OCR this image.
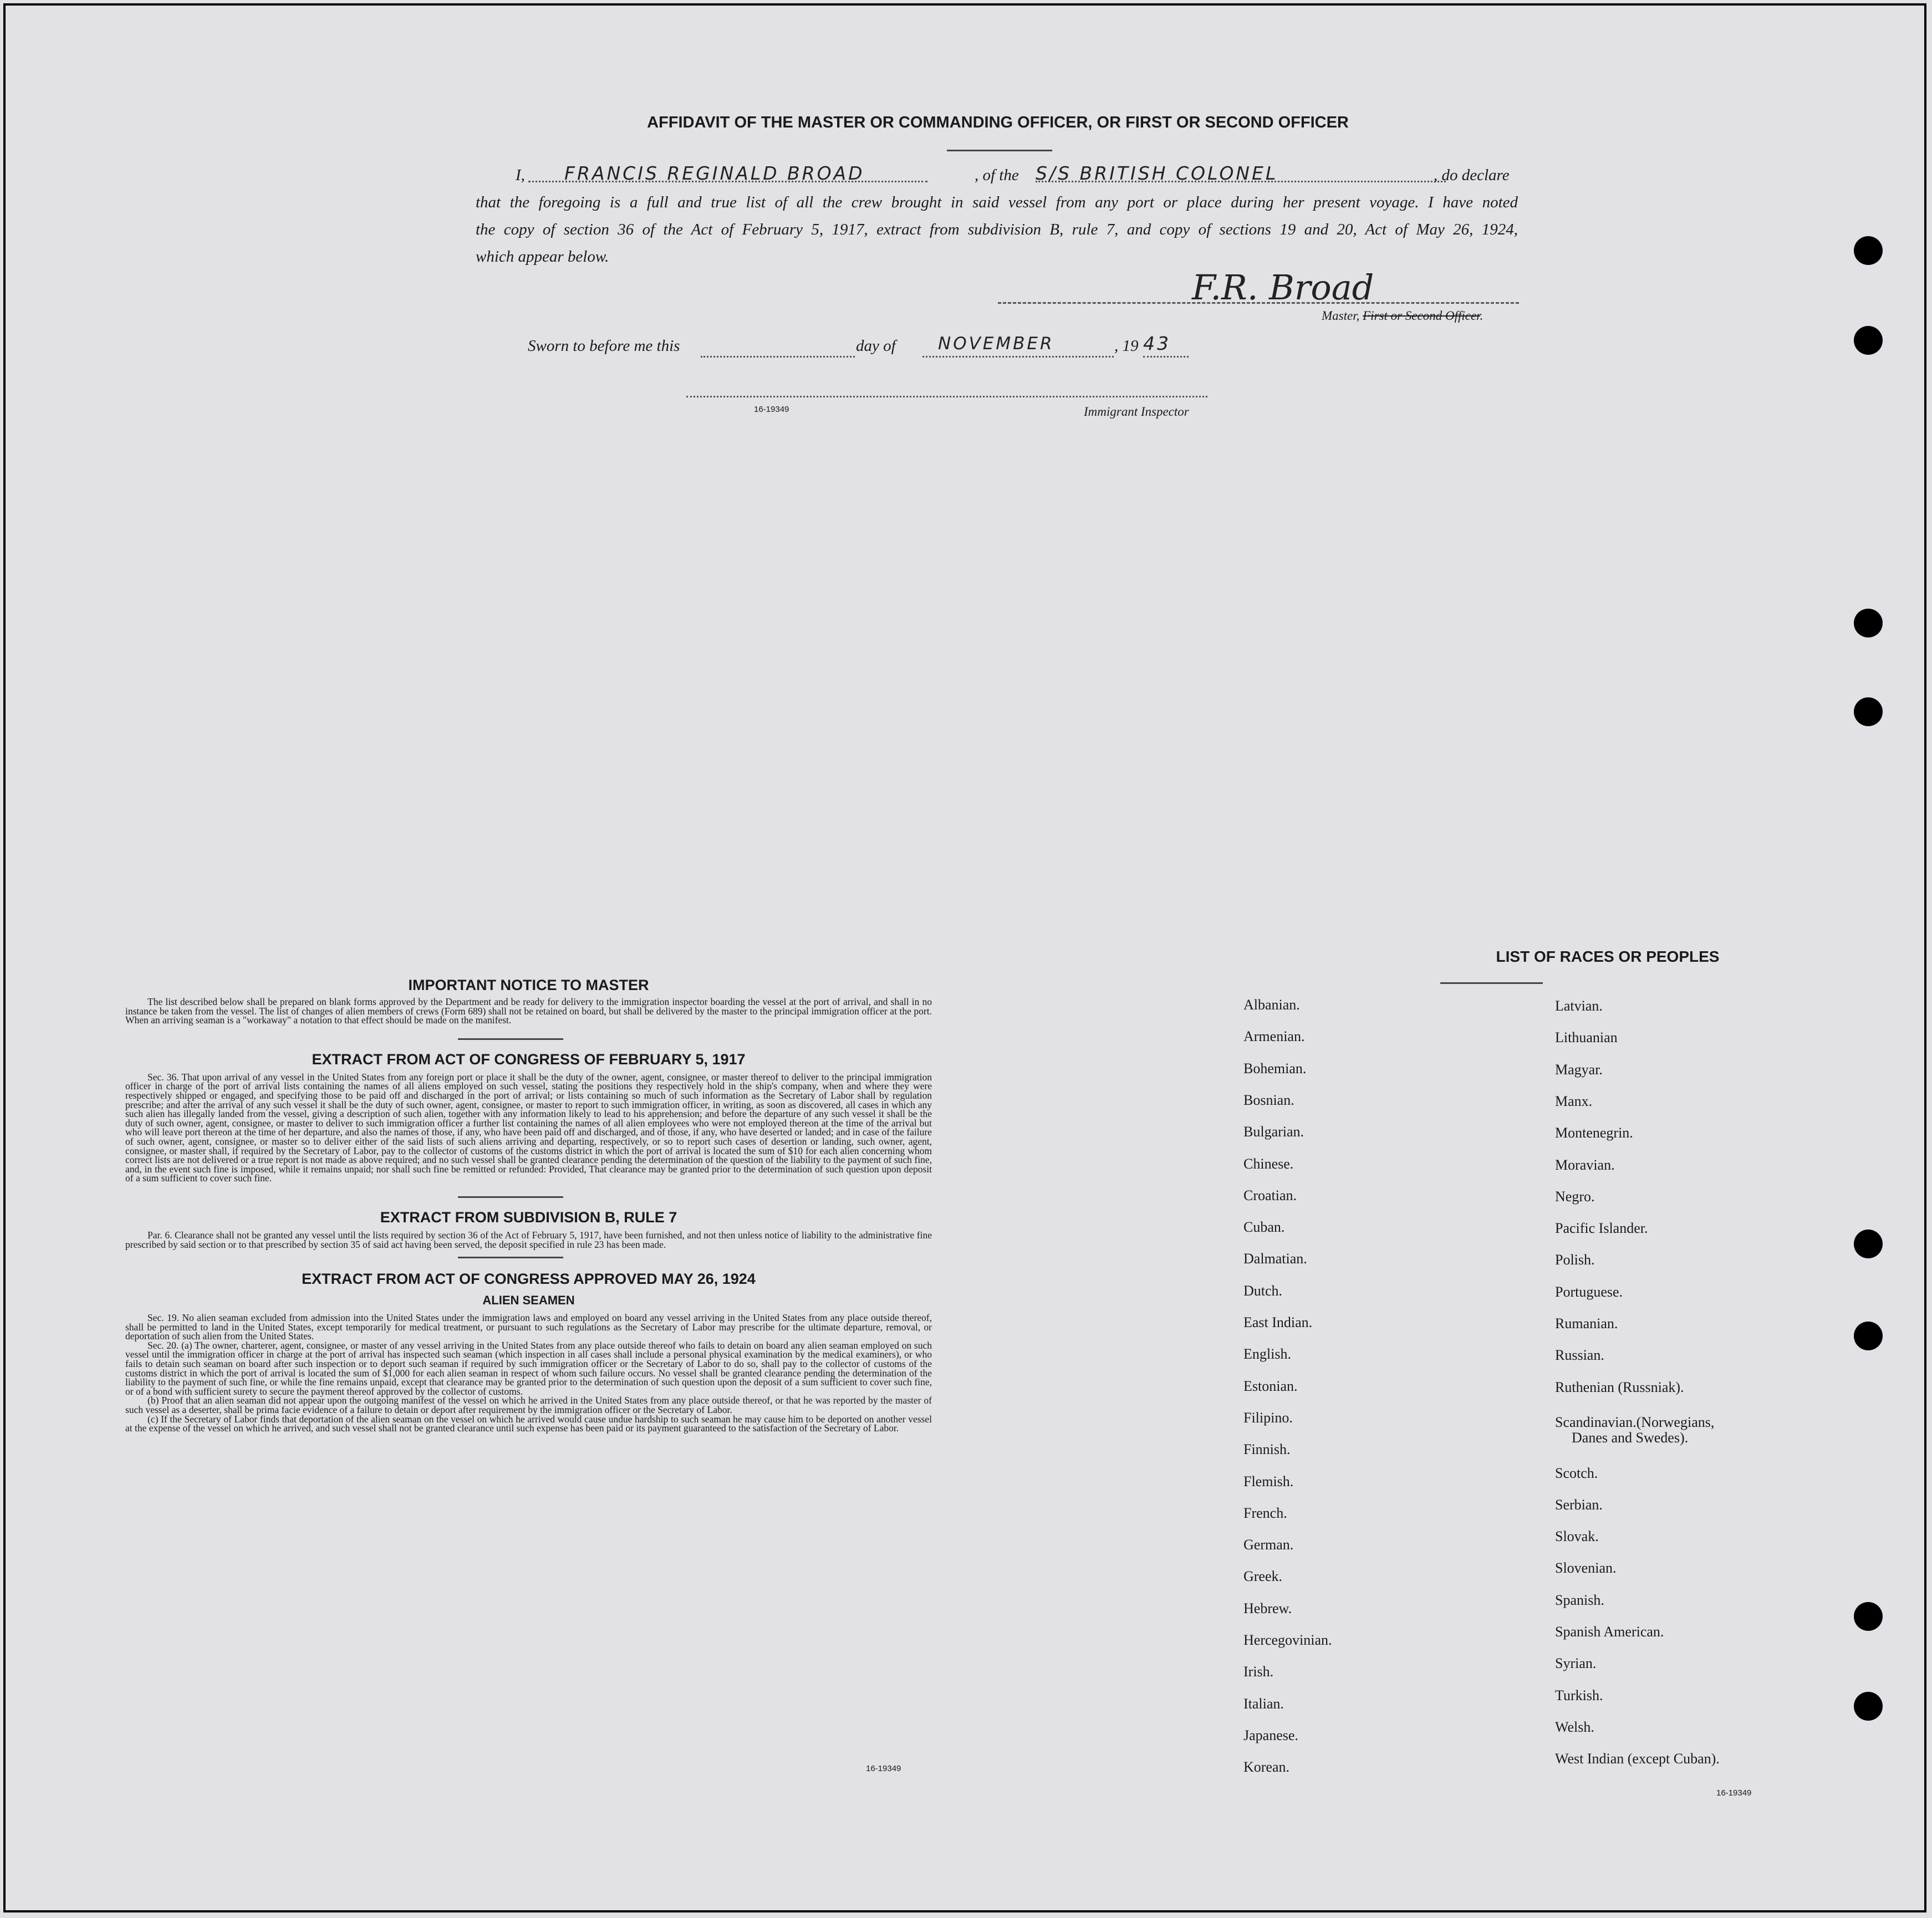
AFFIDAVIT OF THE MASTER OR COMMANDING OFFICER, OR FIRST OR SECOND OFFICER
I, FRANCIS REGINALD BROAD	, of the S/S BRITISH COLONEL	, do declare

that the foregoing is a full and true list of all the crew brought in said vessel from any port or place during her present voyage. I have noted

the copy of section 36 of the Act of February 5, 1917, extract from subdivision B, rule 7, and copy of sections 19 and 20, Act of May 26, 1924,

which appear below.

F.R. Broad
Master, First or Second Officer.
Sworn to before me this	day of NOVEMBER	, 19 43
16-19349	Immigrant Inspector
IMPORTANT NOTICE TO MASTER

The list described below shall be prepared on blank forms approved by the Department and be ready for delivery to the immigration inspector boarding the vessel at the port of arrival, and shall in no instance be taken from the vessel. The list of changes of alien members of crews (Form 689) shall not be retained on board, but shall be delivered by the master to the principal immigration officer at the port. When an arriving seaman is a "workaway" a notation to that effect should be made on the manifest.

EXTRACT FROM ACT OF CONGRESS OF FEBRUARY 5, 1917

Sec. 36. That upon arrival of any vessel in the United States from any foreign port or place it shall be the duty of the owner, agent, consignee, or master thereof to deliver to the principal immigration officer in charge of the port of arrival lists containing the names of all aliens employed on such vessel, stating the positions they respectively hold in the ship's company, when and where they were respectively shipped or engaged, and specifying those to be paid off and discharged in the port of arrival; or lists containing so much of such information as the Secretary of Labor shall by regulation prescribe; and after the arrival of any such vessel it shall be the duty of such owner, agent, consignee, or master to report to such immigration officer, in writing, as soon as discovered, all cases in which any such alien has illegally landed from the vessel, giving a description of such alien, together with any information likely to lead to his apprehension; and before the departure of any such vessel it shall be the duty of such owner, agent, consignee, or master to deliver to such immigration officer a further list containing the names of all alien employees who were not employed thereon at the time of the arrival but who will leave port thereon at the time of her departure, and also the names of those, if any, who have been paid off and discharged, and of those, if any, who have deserted or landed; and in case of the failure of such owner, agent, consignee, or master so to deliver either of the said lists of such aliens arriving and departing, respectively, or so to report such cases of desertion or landing, such owner, agent, consignee, or master shall, if required by the Secretary of Labor, pay to the collector of customs of the customs district in which the port of arrival is located the sum of $10 for each alien concerning whom correct lists are not delivered or a true report is not made as above required; and no such vessel shall be granted clearance pending the determination of the question of the liability to the payment of such fine, and, in the event such fine is imposed, while it remains unpaid; nor shall such fine be remitted or refunded: Provided, That clearance may be granted prior to the determination of such question upon deposit of a sum sufficient to cover such fine.

EXTRACT FROM SUBDIVISION B, RULE 7

Par. 6. Clearance shall not be granted any vessel until the lists required by section 36 of the Act of February 5, 1917, have been furnished, and not then unless notice of liability to the administrative fine prescribed by said section or to that prescribed by section 35 of said act having been served, the deposit specified in rule 23 has been made.

EXTRACT FROM ACT OF CONGRESS APPROVED MAY 26, 1924
ALIEN SEAMEN

Sec. 19. No alien seaman excluded from admission into the United States under the immigration laws and employed on board any vessel arriving in the United States from any place outside thereof, shall be permitted to land in the United States, except temporarily for medical treatment, or pursuant to such regulations as the Secretary of Labor may prescribe for the ultimate departure, removal, or deportation of such alien from the United States.

Sec. 20. (a) The owner, charterer, agent, consignee, or master of any vessel arriving in the United States from any place outside thereof who fails to detain on board any alien seaman employed on such vessel until the immigration officer in charge at the port of arrival has inspected such seaman (which inspection in all cases shall include a personal physical examination by the medical examiners), or who fails to detain such seaman on board after such inspection or to deport such seaman if required by such immigration officer or the Secretary of Labor to do so, shall pay to the collector of customs of the customs district in which the port of arrival is located the sum of $1,000 for each alien seaman in respect of whom such failure occurs. No vessel shall be granted clearance pending the determination of the liability to the payment of such fine, or while the fine remains unpaid, except that clearance may be granted prior to the determination of such question upon the deposit of a sum sufficient to cover such fine, or of a bond with sufficient surety to secure the payment thereof approved by the collector of customs.

(b) Proof that an alien seaman did not appear upon the outgoing manifest of the vessel on which he arrived in the United States from any place outside thereof, or that he was reported by the master of such vessel as a deserter, shall be prima facie evidence of a failure to detain or deport after requirement by the immigration officer or the Secretary of Labor.

(c) If the Secretary of Labor finds that deportation of the alien seaman on the vessel on which he arrived would cause undue hardship to such seaman he may cause him to be deported on another vessel at the expense of the vessel on which he arrived, and such vessel shall not be granted clearance until such expense has been paid or its payment guaranteed to the satisfaction of the Secretary of Labor.

16-19349
LIST OF RACES OR PEOPLES
Albanian.
Armenian.
Bohemian.
Bosnian.
Bulgarian.
Chinese.
Croatian.
Cuban.
Dalmatian.
Dutch.
East Indian.
English.
Estonian.
Filipino.
Finnish.
Flemish.
French.
German.
Greek.
Hebrew.
Hercegovinian.
Irish.
Italian.
Japanese.
Korean.
Latvian.
Lithuanian
Magyar.
Manx.
Montenegrin.
Moravian.
Negro.
Pacific Islander.
Polish.
Portuguese.
Rumanian.
Russian.
Ruthenian (Russniak).
Scandinavian.(Norwegians,
Danes and Swedes).
Scotch.
Serbian.
Slovak.
Slovenian.
Spanish.
Spanish American.
Syrian.
Turkish.
Welsh.
West Indian (except Cuban).
16-19349
